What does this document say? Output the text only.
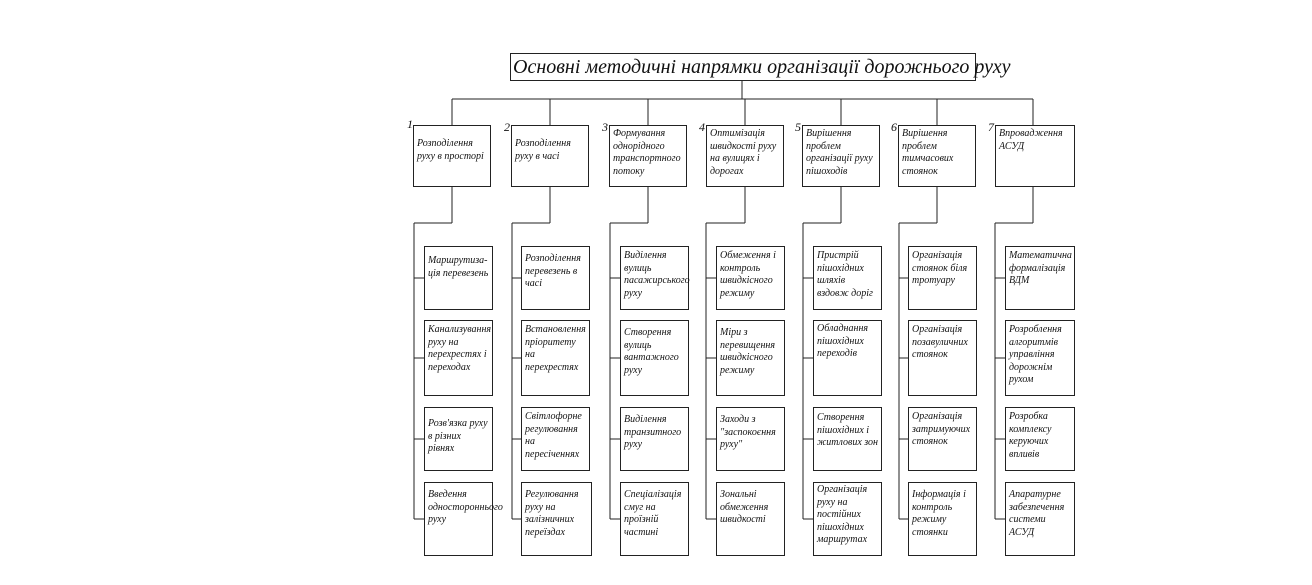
Основні методичні напрямки організації дорожнього руху
1
Розподілення руху в просторі
Маршрутиза-ція перевезень
Канализування руху на перехрестях і переходах
Розв'язка руху в різних рівнях
Введення одностороннього руху
2
Розподілення руху в часі
Розподілення перевезень в часі
Встановлення пріоритету на перехрестях
Світлофорне регулювання на пересіченнях
Регулювання руху на залізничних переїздах
3 Формування однорідного транспортного потоку
Виділення вулиць пасажирського руху
Створення вулиць вантажного руху
Виділення транзитного руху
Спеціалізація смуг на проїзній частині
4 Оптимізація швидкості руху на вулицях і дорогах
Обмеження і контроль швидкісного режиму
Міри з перевищення швидкісного режиму
Заходи з "заспокоєння руху"
Зональні обмеження швидкості
5 Вирішення проблем організації руху пішоходів
Пристрій пішохідних шляхів вздовж доріг
Обладнання пішохідних переходів
Створення пішохідних і житлових зон
Організація руху на постійних пішохідних маршрутах
6 Вирішення проблем тимчасових стоянок
Організація стоянок біля тротуару
Організація позавуличних стоянок
Організація затримуючих стоянок
Інформація і контроль режиму стоянки
7 Впровадження АСУД
Математична формалізація ВДМ
Розроблення алгоритмів управління дорожнім рухом
Розробка комплексу керуючих впливів
Апаратурне забезпечення системи АСУД
